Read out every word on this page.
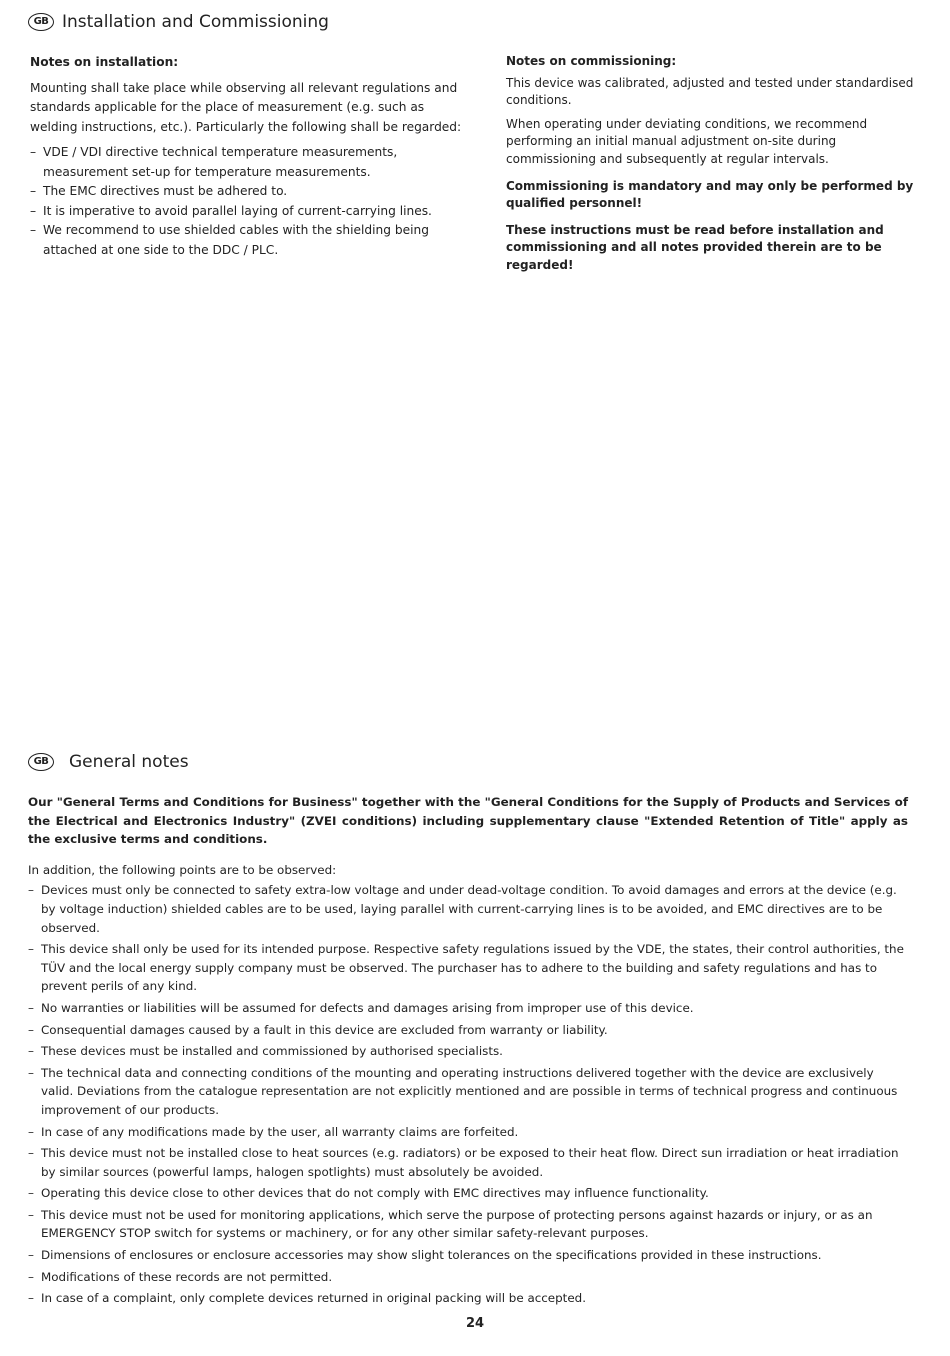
GB Installation and Commissioning

Notes on installation:

Mounting shall take place while observing all relevant regulations and standards applicable for the place of measurement (e.g. such as welding instructions, etc.). Particularly the following shall be regarded:

– VDE / VDI directive technical temperature measurements, measurement set-up for temperature measurements.
– The EMC directives must be adhered to.
– It is imperative to avoid parallel laying of current-carrying lines.
– We recommend to use shielded cables with the shielding being attached at one side to the DDC / PLC.

Notes on commissioning:

This device was calibrated, adjusted and tested under standardised conditions.

When operating under deviating conditions, we recommend performing an initial manual adjustment on-site during commissioning and subsequently at regular intervals.

Commissioning is mandatory and may only be performed by qualified personnel!

These instructions must be read before installation and commissioning and all notes provided therein are to be regarded!

GB	General notes

Our "General Terms and Conditions for Business" together with the "General Conditions for the Supply of Products and Services of the Electrical and Electronics Industry" (ZVEI conditions) including supplementary clause "Extended Retention of Title" apply as the exclusive terms and conditions.

In addition, the following points are to be observed:

– Devices must only be connected to safety extra-low voltage and under dead-voltage condition. To avoid damages and errors at the device (e.g. by voltage induction) shielded cables are to be used, laying parallel with current-carrying lines is to be avoided, and EMC directives are to be observed.
– This device shall only be used for its intended purpose. Respective safety regulations issued by the VDE, the states, their control authorities, the TÜV and the local energy supply company must be observed. The purchaser has to adhere to the building and safety regulations and has to prevent perils of any kind.
– No warranties or liabilities will be assumed for defects and damages arising from improper use of this device.
– Consequential damages caused by a fault in this device are excluded from warranty or liability.
– These devices must be installed and commissioned by authorised specialists.
– The technical data and connecting conditions of the mounting and operating instructions delivered together with the device are exclusively valid. Deviations from the catalogue representation are not explicitly mentioned and are possible in terms of technical progress and continuous improvement of our products.
– In case of any modifications made by the user, all warranty claims are forfeited.
– This device must not be installed close to heat sources (e.g. radiators) or be exposed to their heat flow. Direct sun irradiation or heat irradiation by similar sources (powerful lamps, halogen spotlights) must absolutely be avoided.
– Operating this device close to other devices that do not comply with EMC directives may influence functionality.
– This device must not be used for monitoring applications, which serve the purpose of protecting persons against hazards or injury, or as an EMERGENCY STOP switch for systems or machinery, or for any other similar safety-relevant purposes.
– Dimensions of enclosures or enclosure accessories may show slight tolerances on the specifications provided in these instructions.
– Modifications of these records are not permitted.
– In case of a complaint, only complete devices returned in original packing will be accepted.
24
